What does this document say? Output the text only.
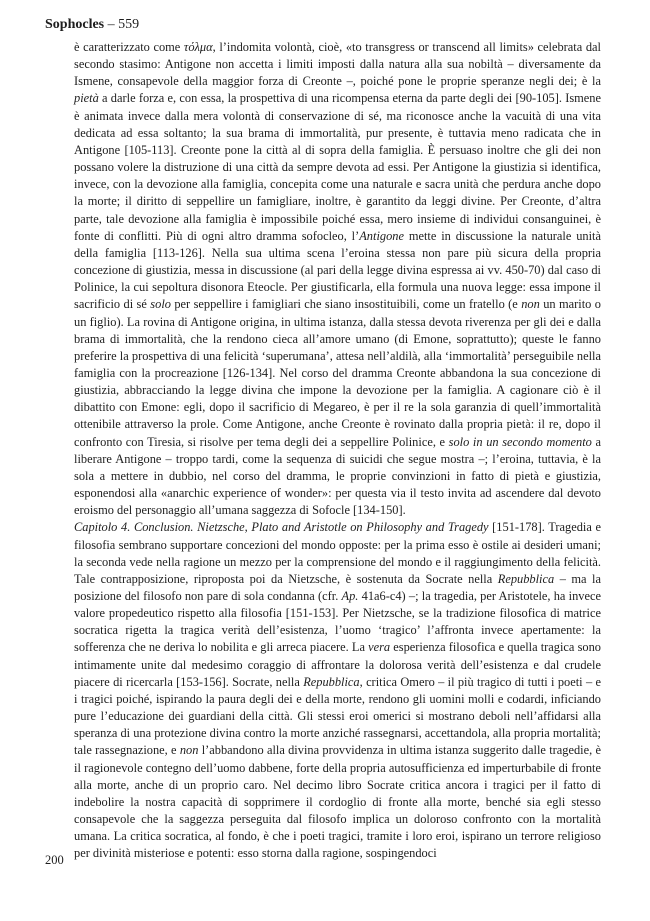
Sophocles – 559

è caratterizzato come τόλμα, l’indomita volontà, cioè, «to transgress or transcend all limits» celebrata dal secondo stasimo: Antigone non accetta i limiti imposti dalla natura alla sua nobiltà – diversamente da Ismene, consapevole della maggior forza di Creonte –, poiché pone le proprie speranze negli dei; è la pietà a darle forza e, con essa, la prospettiva di una ricompensa eterna da parte degli dei [90-105]. Ismene è animata invece dalla mera volontà di conservazione di sé, ma riconosce anche la vacuità di una vita dedicata ad essa soltanto; la sua brama di immortalità, pur presente, è tuttavia meno radicata che in Antigone [105-113]. Creonte pone la città al di sopra della famiglia. È persuaso inoltre che gli dei non possano volere la distruzione di una città da sempre devota ad essi. Per Antigone la giustizia si identifica, invece, con la devozione alla famiglia, concepita come una naturale e sacra unità che perdura anche dopo la morte; il diritto di seppellire un famigliare, inoltre, è garantito da leggi divine. Per Creonte, d’altra parte, tale devozione alla famiglia è impossibile poiché essa, mero insieme di individui consanguinei, è fonte di conflitti. Più di ogni altro dramma sofocleo, l’Antigone mette in discussione la naturale unità della famiglia [113-126]. Nella sua ultima scena l’eroina stessa non pare più sicura della propria concezione di giustizia, messa in discussione (al pari della legge divina espressa ai vv. 450-70) dal caso di Polinice, la cui sepoltura disonora Eteocle. Per giustificarla, ella formula una nuova legge: essa impone il sacrificio di sé solo per seppellire i famigliari che siano insostituibili, come un fratello (e non un marito o un figlio). La rovina di Antigone origina, in ultima istanza, dalla stessa devota riverenza per gli dei e dalla brama di immortalità, che la rendono cieca all’amore umano (di Emone, soprattutto); queste le fanno preferire la prospettiva di una felicità ‘superumana’, attesa nell’aldilà, alla ‘immortalità’ perseguibile nella famiglia con la procreazione [126-134]. Nel corso del dramma Creonte abbandona la sua concezione di giustizia, abbracciando la legge divina che impone la devozione per la famiglia. A cagionare ciò è il dibattito con Emone: egli, dopo il sacrificio di Megareo, è per il re la sola garanzia di quell’immortalità ottenibile attraverso la prole. Come Antigone, anche Creonte è rovinato dalla propria pietà: il re, dopo il confronto con Tiresia, si risolve per tema degli dei a seppellire Polinice, e solo in un secondo momento a liberare Antigone – troppo tardi, come la sequenza di suicidi che segue mostra –; l’eroina, tuttavia, è la sola a mettere in dubbio, nel corso del dramma, le proprie convinzioni in fatto di pietà e giustizia, esponendosi alla «anarchic experience of wonder»: per questa via il testo invita ad ascendere dal devoto eroismo del personaggio all’umana saggezza di Sofocle [134-150].

Capitolo 4. Conclusion. Nietzsche, Plato and Aristotle on Philosophy and Tragedy [151-178]. Tragedia e filosofia sembrano supportare concezioni del mondo opposte: per la prima esso è ostile ai desideri umani; la seconda vede nella ragione un mezzo per la comprensione del mondo e il raggiungimento della felicità. Tale contrapposizione, riproposta poi da Nietzsche, è sostenuta da Socrate nella Repubblica – ma la posizione del filosofo non pare di sola condanna (cfr. Ap. 41a6-c4) –; la tragedia, per Aristotele, ha invece valore propedeutico rispetto alla filosofia [151-153]. Per Nietzsche, se la tradizione filosofica di matrice socratica rigetta la tragica verità dell’esistenza, l’uomo ‘tragico’ l’affronta invece apertamente: la sofferenza che ne deriva lo nobilita e gli arreca piacere. La vera esperienza filosofica e quella tragica sono intimamente unite dal medesimo coraggio di affrontare la dolorosa verità dell’esistenza e dal crudele piacere di ricercarla [153-156]. Socrate, nella Repubblica, critica Omero – il più tragico di tutti i poeti – e i tragici poiché, ispirando la paura degli dei e della morte, rendono gli uomini molli e codardi, inficiando pure l’educazione dei guardiani della città. Gli stessi eroi omerici si mostrano deboli nell’affidarsi alla speranza di una protezione divina contro la morte anziché rassegnarsi, accettandola, alla propria mortalità; tale rassegnazione, e non l’abbandono alla divina provvidenza in ultima istanza suggerito dalle tragedie, è il ragionevole contegno dell’uomo dabbene, forte della propria autosufficienza ed imperturbabile di fronte alla morte, anche di un proprio caro. Nel decimo libro Socrate critica ancora i tragici per il fatto di indebolire la nostra capacità di sopprimere il cordoglio di fronte alla morte, benché sia egli stesso consapevole che la saggezza perseguita dal filosofo implica un doloroso confronto con la mortalità umana. La critica socratica, al fondo, è che i poeti tragici, tramite i loro eroi, ispirano un terrore religioso per divinità misteriose e potenti: esso storna dalla ragione, sospingendoci

200
